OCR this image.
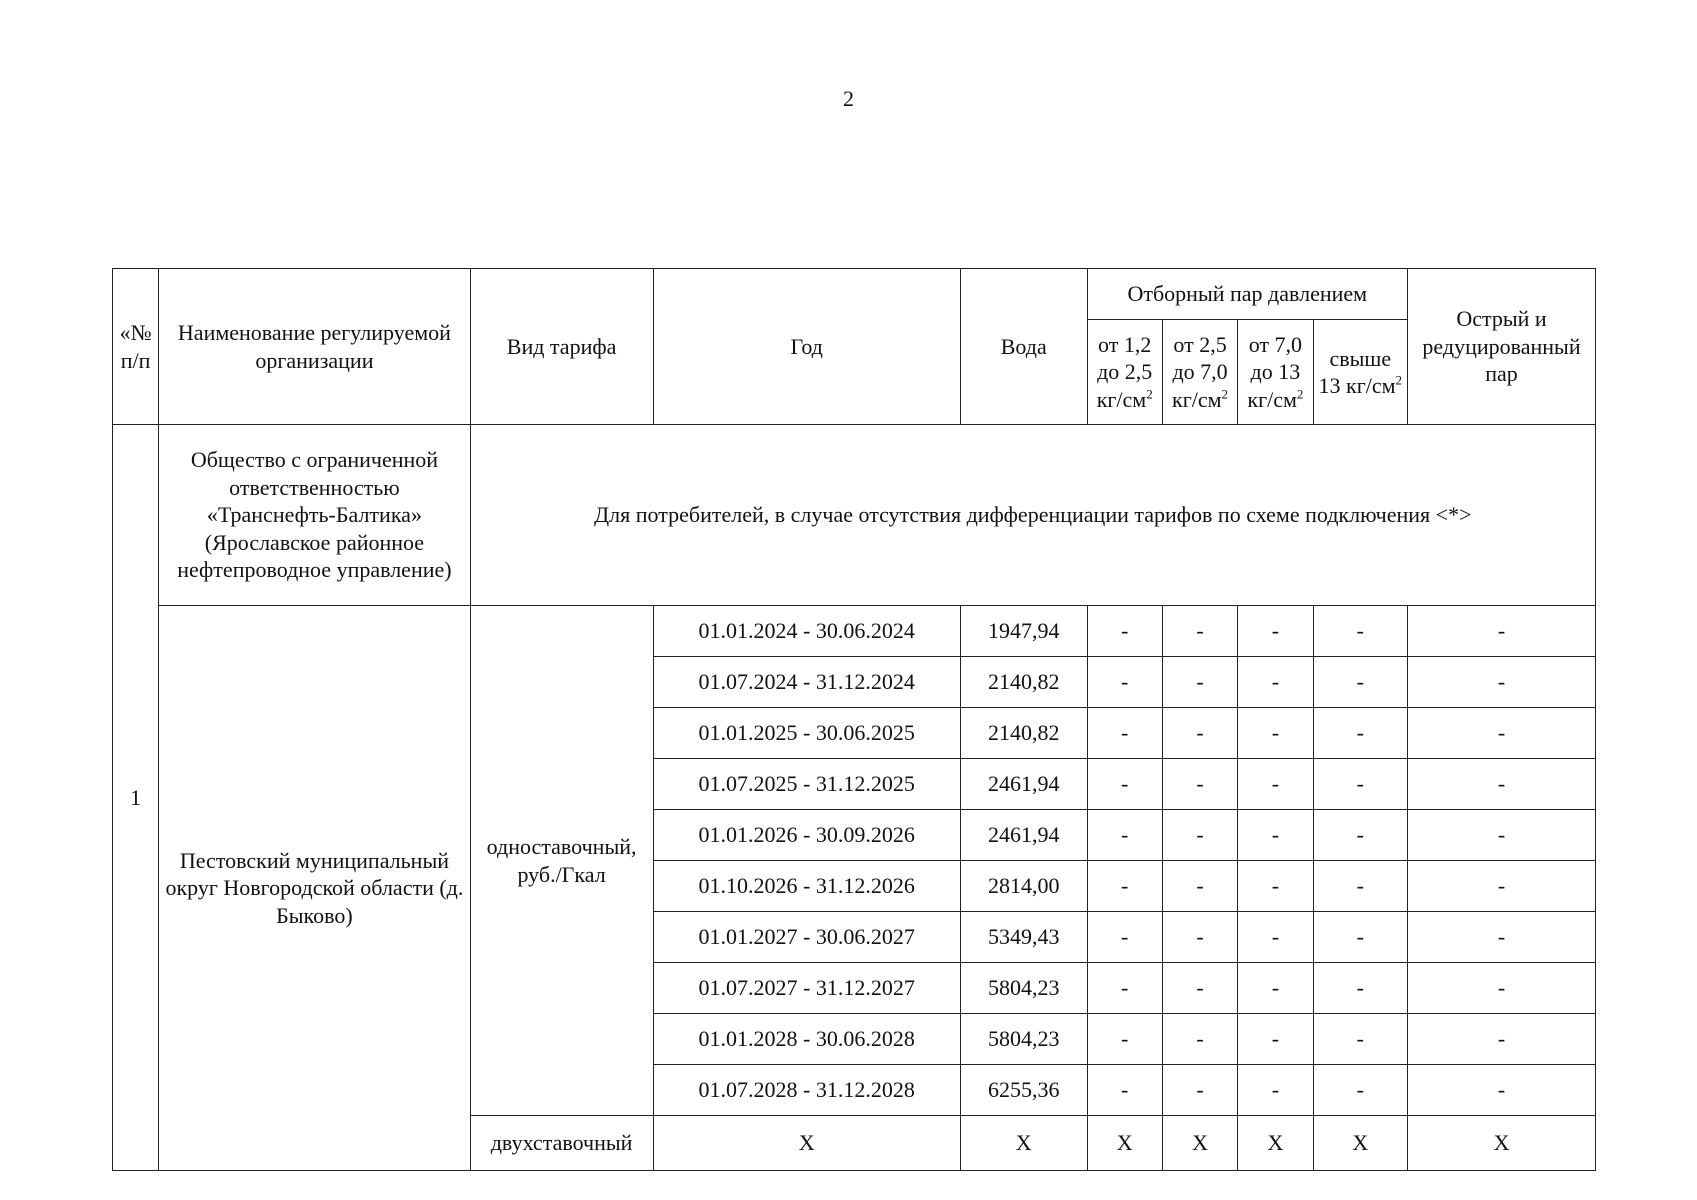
2
«№ п/п	Наименование регулируемой организации	Вид тарифа	Год	Вода	Отборный пар давлением				Острый и редуцированный пар
					от 1,2 до 2,5 $кг/см^2$	от 2,5 до 7,0 $кг/см^2$	от 7,0 до 13 $кг/см^2$	свыше 13 $кг/см^2$
1	Общество с ограниченной ответственностью «Транснефть-Балтика» (Ярославское районное нефтепроводное управление)	Для потребителей, в случае отсутствия дифференциации тарифов по схеме подключения <*>							
	Пестовский муниципальный округ Новгородской области (д. Быково)	одноставочный, руб./Гкал	01.01.2024 - 30.06.2024	1947,94	-	-	-	-	-
			01.07.2024 - 31.12.2024	2140,82	-	-	-	-	-
			01.01.2025 - 30.06.2025	2140,82	-	-	-	-	-
			01.07.2025 - 31.12.2025	2461,94	-	-	-	-	-
			01.01.2026 - 30.09.2026	2461,94	-	-	-	-	-
			01.10.2026 - 31.12.2026	2814,00	-	-	-	-	-
			01.01.2027 - 30.06.2027	5349,43	-	-	-	-	-
			01.07.2027 - 31.12.2027	5804,23	-	-	-	-	-
			01.01.2028 - 30.06.2028	5804,23	-	-	-	-	-
			01.07.2028 - 31.12.2028	6255,36	-	-	-	-	-
		двухставочный	X	X	X	X	X	X	X
